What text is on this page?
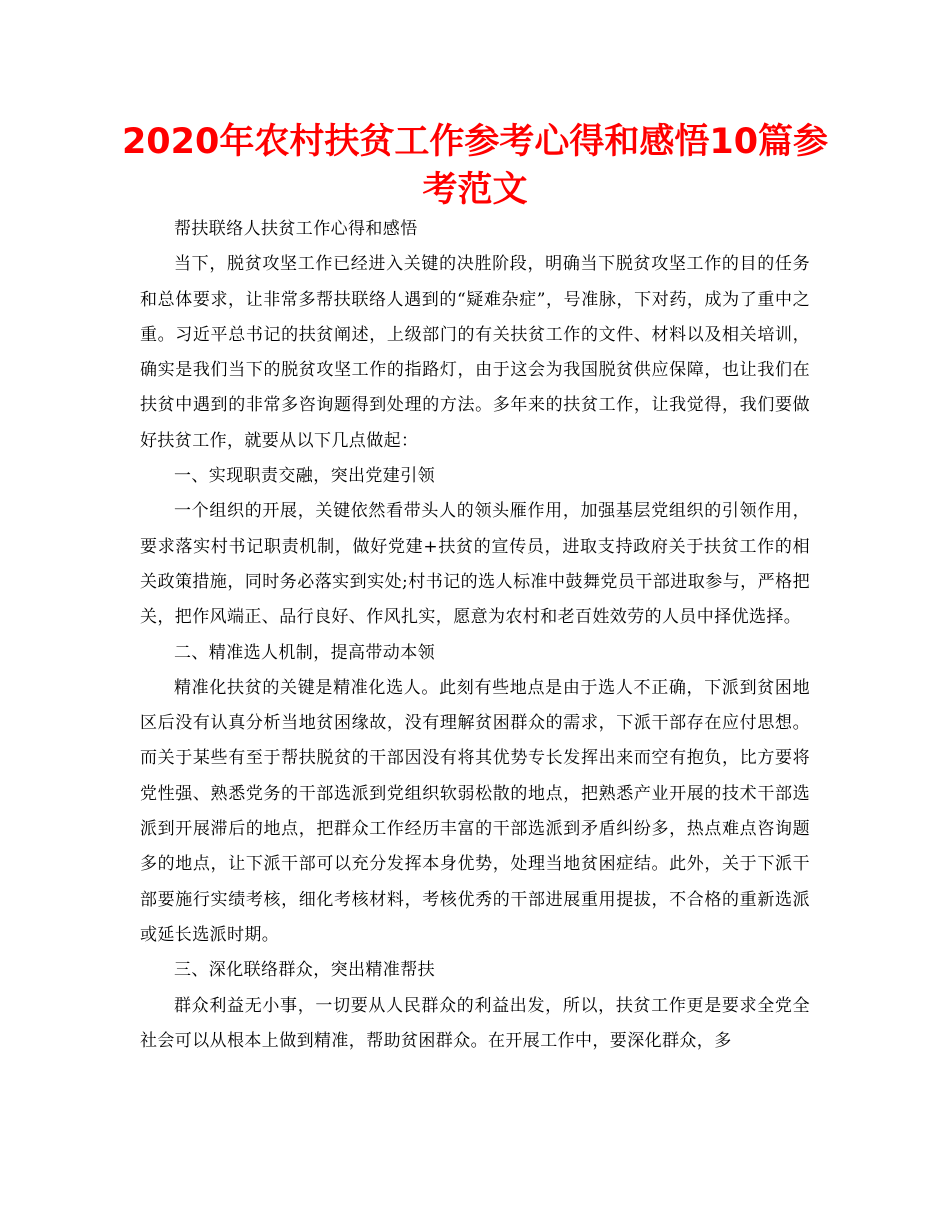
2020年农村扶贫工作参考心得和感悟10篇参考范文

帮扶联络人扶贫工作心得和感悟

当下，脱贫攻坚工作已经进入关键的决胜阶段，明确当下脱贫攻坚工作的目的任务和总体要求，让非常多帮扶联络人遇到的“疑难杂症”，号准脉，下对药，成为了重中之重。习近平总书记的扶贫阐述，上级部门的有关扶贫工作的文件、材料以及相关培训，确实是我们当下的脱贫攻坚工作的指路灯，由于这会为我国脱贫供应保障，也让我们在扶贫中遇到的非常多咨询题得到处理的方法。多年来的扶贫工作，让我觉得，我们要做好扶贫工作，就要从以下几点做起：

一、实现职责交融，突出党建引领

一个组织的开展，关键依然看带头人的领头雁作用，加强基层党组织的引领作用，要求落实村书记职责机制，做好党建+扶贫的宣传员，进取支持政府关于扶贫工作的相关政策措施，同时务必落实到实处;村书记的选人标准中鼓舞党员干部进取参与，严格把关，把作风端正、品行良好、作风扎实，愿意为农村和老百姓效劳的人员中择优选择。

二、精准选人机制，提高带动本领

精准化扶贫的关键是精准化选人。此刻有些地点是由于选人不正确，下派到贫困地区后没有认真分析当地贫困缘故，没有理解贫困群众的需求，下派干部存在应付思想。而关于某些有至于帮扶脱贫的干部因没有将其优势专长发挥出来而空有抱负，比方要将党性强、熟悉党务的干部选派到党组织软弱松散的地点，把熟悉产业开展的技术干部选派到开展滞后的地点，把群众工作经历丰富的干部选派到矛盾纠纷多，热点难点咨询题多的地点，让下派干部可以充分发挥本身优势，处理当地贫困症结。此外，关于下派干部要施行实绩考核，细化考核材料，考核优秀的干部进展重用提拔，不合格的重新选派或延长选派时期。

三、深化联络群众，突出精准帮扶

群众利益无小事，一切要从人民群众的利益出发，所以，扶贫工作更是要求全党全社会可以从根本上做到精准，帮助贫困群众。在开展工作中，要深化群众，多
